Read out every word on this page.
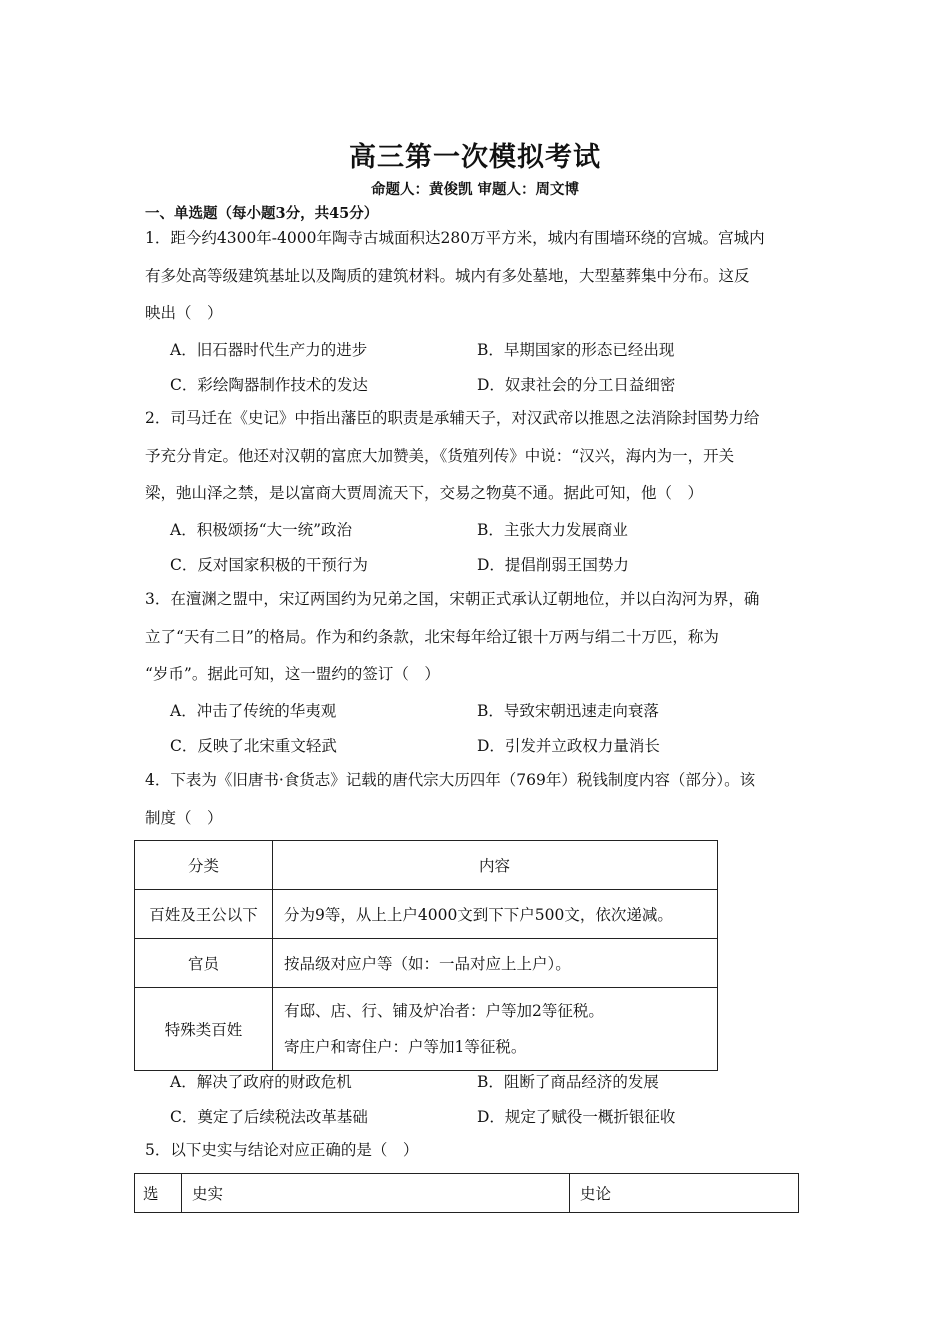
高三第一次模拟考试
命题人：黄俊凯 审题人：周文博
一、单选题（每小题3分，共45分）
1．距今约4300年-4000年陶寺古城面积达280万平方米，城内有围墙环绕的宫城。宫城内
有多处高等级建筑基址以及陶质的建筑材料。城内有多处墓地，大型墓葬集中分布。这反
映出（　）
A．旧石器时代生产力的进步	B．早期国家的形态已经出现
C．彩绘陶器制作技术的发达	D．奴隶社会的分工日益细密
2．司马迁在《史记》中指出藩臣的职责是承辅天子，对汉武帝以推恩之法消除封国势力给
予充分肯定。他还对汉朝的富庶大加赞美，《货殖列传》中说：“汉兴，海内为一，开关
梁，弛山泽之禁，是以富商大贾周流天下，交易之物莫不通。据此可知，他（　）
A．积极颂扬“大一统”政治	B．主张大力发展商业
C．反对国家积极的干预行为	D．提倡削弱王国势力
3．在澶渊之盟中，宋辽两国约为兄弟之国，宋朝正式承认辽朝地位，并以白沟河为界，确
立了“天有二日”的格局。作为和约条款，北宋每年给辽银十万两与绢二十万匹，称为
“岁币”。据此可知，这一盟约的签订（　）
A．冲击了传统的华夷观	B．导致宋朝迅速走向衰落
C．反映了北宋重文轻武	D．引发并立政权力量消长
4．下表为《旧唐书·食货志》记载的唐代宗大历四年（769年）税钱制度内容（部分）。该
制度（　）
分类	内容
百姓及王公以下	分为9等，从上上户4000文到下下户500文，依次递减。
官员	按品级对应户等（如：一品对应上上户）。
特殊类百姓	有邸、店、行、铺及炉冶者：户等加2等征税。
寄庄户和寄住户：户等加1等征税。
A．解决了政府的财政危机	B．阻断了商品经济的发展
C．奠定了后续税法改革基础	D．规定了赋役一概折银征收
5．以下史实与结论对应正确的是（　）
选	史实	史论
